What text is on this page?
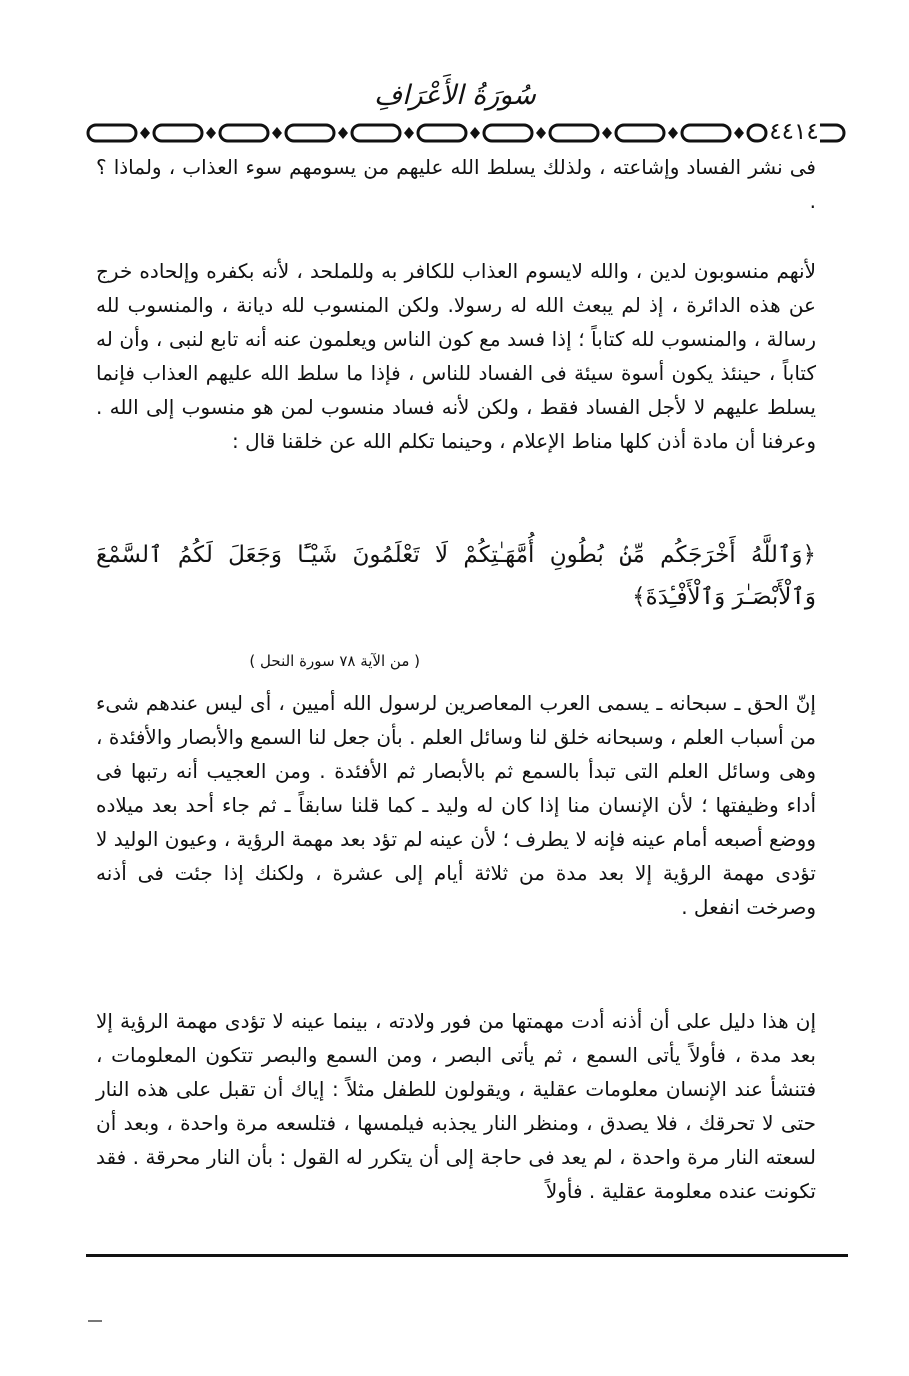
سُورَةُ الأَعْرَافِ
٤٤١٤
فى نشر الفساد وإشاعته ، ولذلك يسلط الله عليهم من يسومهم سوء العذاب ، ولماذا ؟ .
لأنهم منسوبون لدين ، والله لايسوم العذاب للكافر به وللملحد ، لأنه بكفره وإلحاده خرج عن هذه الدائرة ، إذ لم يبعث الله له رسولا. ولكن المنسوب لله ديانة ، والمنسوب لله رسالة ، والمنسوب لله كتاباً ؛ إذا فسد مع كون الناس ويعلمون عنه أنه تابع لنبى ، وأن له كتاباً ، حينئذ يكون أسوة سيئة فى الفساد للناس ، فإذا ما سلط الله عليهم العذاب فإنما يسلط عليهم لا لأجل الفساد فقط ، ولكن لأنه فساد منسوب لمن هو منسوب إلى الله . وعرفنا أن مادة أذن كلها مناط الإعلام ، وحينما تكلم الله عن خلقنا قال :
﴿وَٱللَّهُ أَخْرَجَكُم مِّنۢ بُطُونِ أُمَّهَـٰتِكُمْ لَا تَعْلَمُونَ شَيْـًٔا وَجَعَلَ لَكُمُ ٱلسَّمْعَ وَٱلْأَبْصَـٰرَ وَٱلْأَفْـِٔدَةَ﴾
( من الآية ٧٨ سورة النحل )
إنّ الحق ـ سبحانه ـ يسمى العرب المعاصرين لرسول الله أميين ، أى ليس عندهم شىء من أسباب العلم ، وسبحانه خلق لنا وسائل العلم . بأن جعل لنا السمع والأبصار والأفئدة ، وهى وسائل العلم التى تبدأ بالسمع ثم بالأبصار ثم الأفئدة . ومن العجيب أنه رتبها فى أداء وظيفتها ؛ لأن الإنسان منا إذا كان له وليد ـ كما قلنا سابقاً ـ ثم جاء أحد بعد ميلاده ووضع أصبعه أمام عينه فإنه لا يطرف ؛ لأن عينه لم تؤد بعد مهمة الرؤية ، وعيون الوليد لا تؤدى مهمة الرؤية إلا بعد مدة من ثلاثة أيام إلى عشرة ، ولكنك إذا جئت فى أذنه وصرخت انفعل .
إن هذا دليل على أن أذنه أدت مهمتها من فور ولادته ، بينما عينه لا تؤدى مهمة الرؤية إلا بعد مدة ، فأولاً يأتى السمع ، ثم يأتى البصر ، ومن السمع والبصر تتكون المعلومات ، فتنشأ عند الإنسان معلومات عقلية ، ويقولون للطفل مثلاً : إياك أن تقبل على هذه النار حتى لا تحرقك ، فلا يصدق ، ومنظر النار يجذبه فيلمسها ، فتلسعه مرة واحدة ، وبعد أن لسعته النار مرة واحدة ، لم يعد فى حاجة إلى أن يتكرر له القول : بأن النار محرقة . فقد تكونت عنده معلومة عقلية . فأولاً
